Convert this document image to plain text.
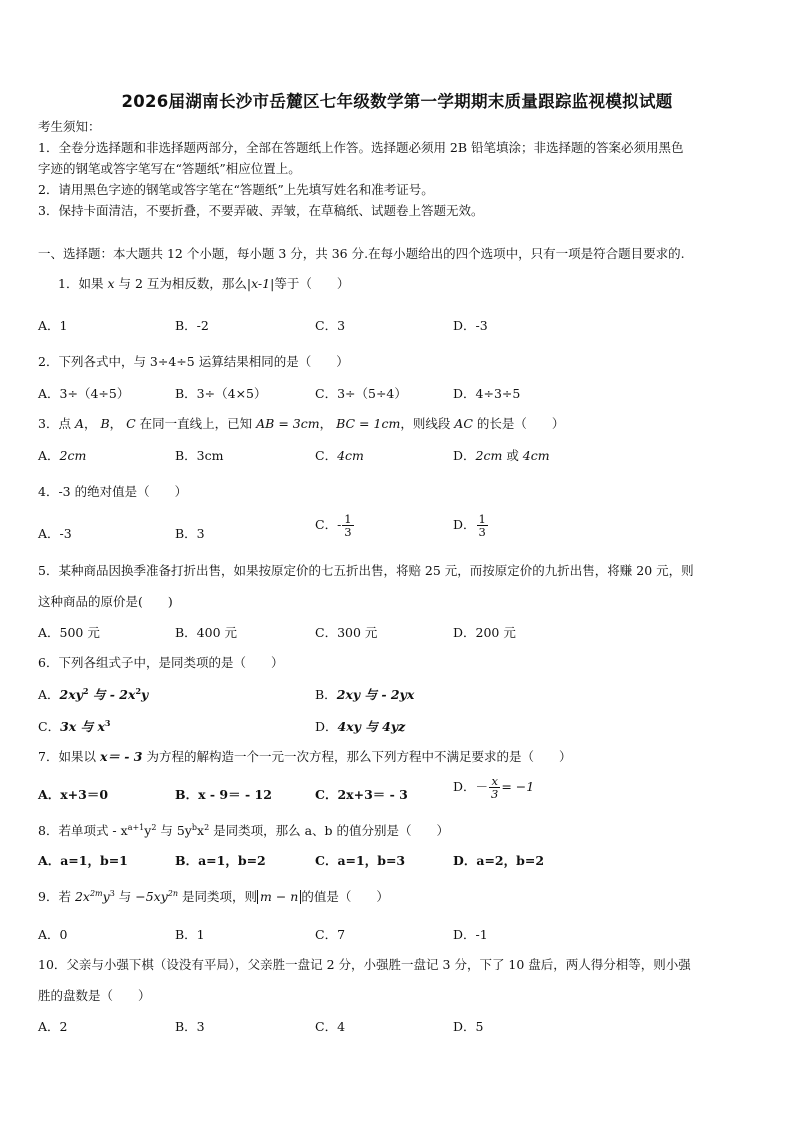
2026届湖南长沙市岳麓区七年级数学第一学期期末质量跟踪监视模拟试题
考生须知：
1．全卷分选择题和非选择题两部分，全部在答题纸上作答。选择题必须用 2B 铅笔填涂；非选择题的答案必须用黑色
字迹的钢笔或答字笔写在“答题纸”相应位置上。
2．请用黑色字迹的钢笔或答字笔在“答题纸”上先填写姓名和准考证号。
3．保持卡面清洁，不要折叠，不要弄破、弄皱，在草稿纸、试题卷上答题无效。
一、选择题：本大题共 12 个小题，每小题 3 分，共 36 分.在每小题给出的四个选项中，只有一项是符合题目要求的.
1．如果 x 与 2 互为相反数，那么|x-1|等于（　　）
A．1	B．-2	C．3	D．-3
2．下列各式中，与 3÷4÷5 运算结果相同的是（　　）
A．3÷（4÷5）	B．3÷（4×5）	C．3÷（5÷4）	D．4÷3÷5
3．点 A， B， C 在同一直线上，已知 AB = 3cm， BC = 1cm，则线段 AC 的长是（　　）
A．2cm	B．3cm	C．4cm	D．2cm 或 4cm
4．-3 的绝对值是（　　）
A．-3	B．3
C．- $\frac{1}{3}$	D． $\frac{1}{3}$
5．某种商品因换季准备打折出售，如果按原定价的七五折出售，将赔 25 元，而按原定价的九折出售，将赚 20 元，则
这种商品的原价是(　　)
A．500 元	B．400 元	C．300 元	D．200 元
6．下列各组式子中，是同类项的是（　　）
A．$2xy^2$ 与 - $2x^2y$	B．2xy 与 - 2yx
C．3x 与 $x^3$	D．4xy 与 4yz
7．如果以 x＝ - 3 为方程的解构造一个一元一次方程，那么下列方程中不满足要求的是（　　）
A．x+3＝0	B．x - 9＝ - 12	C．2x+3＝ - 3
D．－ $\frac{x}{3} = -1$
8．若单项式 - $x^{a+1}y^2$ 与 $5y^bx^2$ 是同类项，那么 a、b 的值分别是（　　）
A．a=1，b=1	B．a=1，b=2	C．a=1，b=3	D．a=2，b=2
9．若 $2x^{2m}y^3$ 与 $-5xy^{2n}$ 是同类项，则 m − n 的值是（　　）
A．0	B．1	C．7	D．-1
10．父亲与小强下棋（设没有平局），父亲胜一盘记 2 分，小强胜一盘记 3 分，下了 10 盘后，两人得分相等，则小强
胜的盘数是（　　）
A．2	B．3	C．4	D．5
